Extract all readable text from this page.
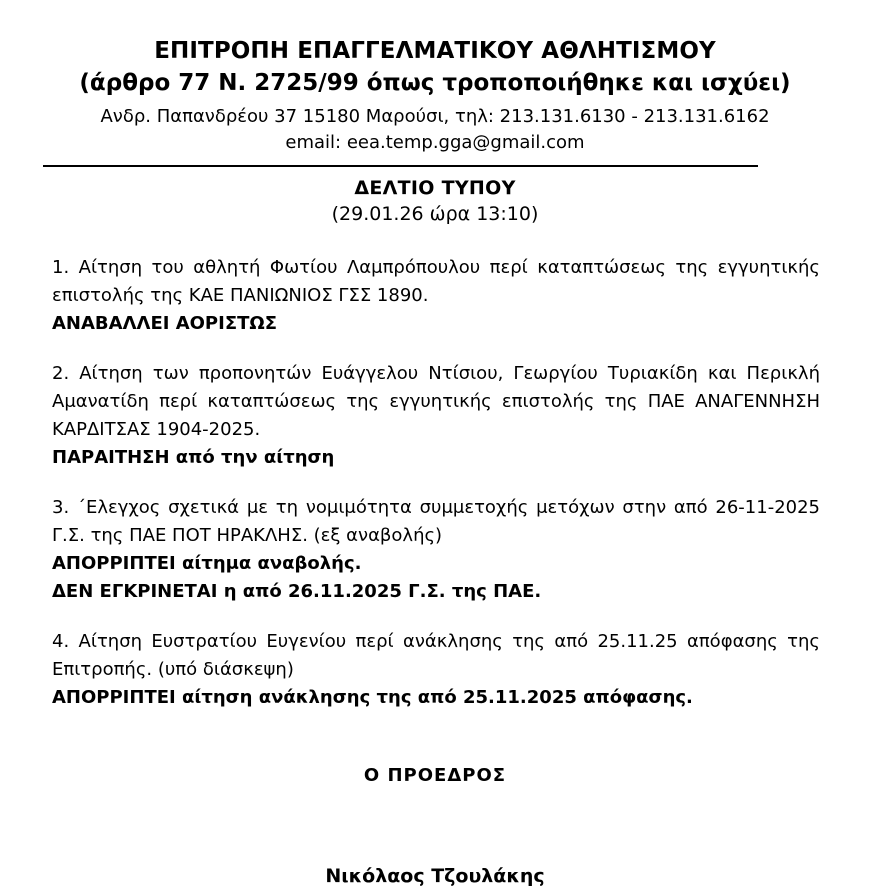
ΕΠΙΤΡΟΠΗ ΕΠΑΓΓΕΛΜΑΤΙΚΟΥ ΑΘΛΗΤΙΣΜΟΥ

(άρθρο 77 Ν. 2725/99 όπως τροποποιήθηκε και ισχύει)

Ανδρ. Παπανδρέου 37 15180 Μαρούσι, τηλ: 213.131.6130 - 213.131.6162

email: eea.temp.gga@gmail.com

ΔΕΛΤΙΟ ΤΥΠΟΥ

(29.01.26 ώρα 13:10)

1. Αίτηση του αθλητή Φωτίου Λαμπρόπουλου περί καταπτώσεως της εγγυητικής επιστολής της ΚΑΕ ΠΑΝΙΩΝΙΟΣ ΓΣΣ 1890.

ΑΝΑΒΑΛΛΕΙ ΑΟΡΙΣΤΩΣ

2. Αίτηση των προπονητών Ευάγγελου Ντίσιου, Γεωργίου Τυριακίδη και Περικλή Αμανατίδη περί καταπτώσεως της εγγυητικής επιστολής της ΠΑΕ ΑΝΑΓΕΝΝΗΣΗ ΚΑΡΔΙΤΣΑΣ 1904-2025.

ΠΑΡΑΙΤΗΣΗ από την αίτηση

3. ΄Ελεγχος σχετικά με τη νομιμότητα συμμετοχής μετόχων στην από 26-11-2025 Γ.Σ. της ΠΑΕ ΠΟΤ ΗΡΑΚΛΗΣ. (εξ αναβολής)

ΑΠΟΡΡΙΠΤΕΙ αίτημα αναβολής.

ΔΕΝ ΕΓΚΡΙΝΕΤΑΙ η από 26.11.2025 Γ.Σ. της ΠΑΕ.

4. Αίτηση Ευστρατίου Ευγενίου περί ανάκλησης της από 25.11.25 απόφασης της Επιτροπής. (υπό διάσκεψη)

ΑΠΟΡΡΙΠΤΕΙ αίτηση ανάκλησης της από 25.11.2025 απόφασης.

Ο ΠΡΟΕΔΡΟΣ

Νικόλαος Τζουλάκης
